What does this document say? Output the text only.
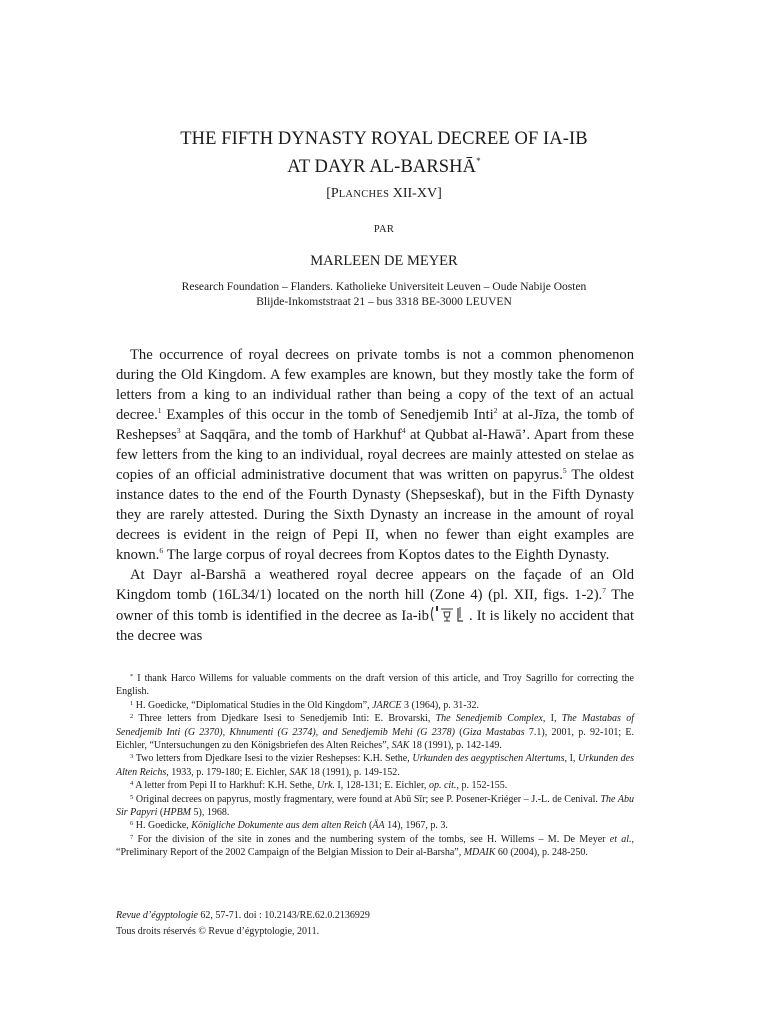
THE FIFTH DYNASTY ROYAL DECREE OF IA-IB
AT DAYR AL-BARSHĀ*
[PLANCHES XII-XV]
PAR
MARLEEN DE MEYER
Research Foundation – Flanders. Katholieke Universiteit Leuven – Oude Nabije Oosten
Blijde-Inkomststraat 21 – bus 3318 BE-3000 LEUVEN

The occurrence of royal decrees on private tombs is not a common phenomenon during the Old Kingdom. A few examples are known, but they mostly take the form of letters from a king to an individual rather than being a copy of the text of an actual decree.$^1$ Examples of this occur in the tomb of Senedjemib Inti$^2$ at al-Jīza, the tomb of Reshepses$^3$ at Saqqāra, and the tomb of Harkhuf$^4$ at Qubbat al-Hawā’. Apart from these few letters from the king to an individual, royal decrees are mainly attested on stelae as copies of an official administrative document that was written on papyrus.$^5$ The oldest instance dates to the end of the Fourth Dynasty (Shepseskaf), but in the Fifth Dynasty they are rarely attested. During the Sixth Dynasty an increase in the amount of royal decrees is evident in the reign of Pepi II, when no fewer than eight examples are known.$^6$ The large corpus of royal decrees from Koptos dates to the Eighth Dynasty.

At Dayr al-Barshā a weathered royal decree appears on the façade of an Old Kingdom tomb (16L34/1) located on the north hill (Zone 4) (pl. XII, figs. 1-2).$^7$ The owner of this tomb is identified in the decree as Ia-ib	. It is likely no accident that the decree was

* I thank Harco Willems for valuable comments on the draft version of this article, and Troy Sagrillo for correcting the English.

$^1$ H. Goedicke, “Diplomatical Studies in the Old Kingdom”, JARCE 3 (1964), p. 31-32.

$^2$ Three letters from Djedkare Isesi to Senedjemib Inti: E. Brovarski, The Senedjemib Complex, I, The Mastabas of Senedjemib Inti (G 2370), Khnumenti (G 2374), and Senedjemib Mehi (G 2378) (Giza Mastabas 7.1), 2001, p. 92-101; E. Eichler, “Untersuchungen zu den Königsbriefen des Alten Reiches”, SAK 18 (1991), p. 142-149.

$^3$ Two letters from Djedkare Isesi to the vizier Reshepses: K.H. Sethe, Urkunden des aegyptischen Altertums, I, Urkunden des Alten Reichs, 1933, p. 179-180; E. Eichler, SAK 18 (1991), p. 149-152.

$^4$ A letter from Pepi II to Harkhuf: K.H. Sethe, Urk. I, 128-131; E. Eichler, op. cit., p. 152-155.

$^5$ Original decrees on papyrus, mostly fragmentary, were found at Abū Sīr; see P. Posener-Kriéger – J.-L. de Cenival. The Abu Sir Papyri (HPBM 5), 1968.

$^6$ H. Goedicke, Königliche Dokumente aus dem alten Reich (ÄA 14), 1967, p. 3.

$^7$ For the division of the site in zones and the numbering system of the tombs, see H. Willems – M. De Meyer et al., “Preliminary Report of the 2002 Campaign of the Belgian Mission to Deir al-Barsha”, MDAIK 60 (2004), p. 248-250.

Revue d’égyptologie 62, 57-71. doi : 10.2143/RE.62.0.2136929
Tous droits réservés © Revue d’égyptologie, 2011.
